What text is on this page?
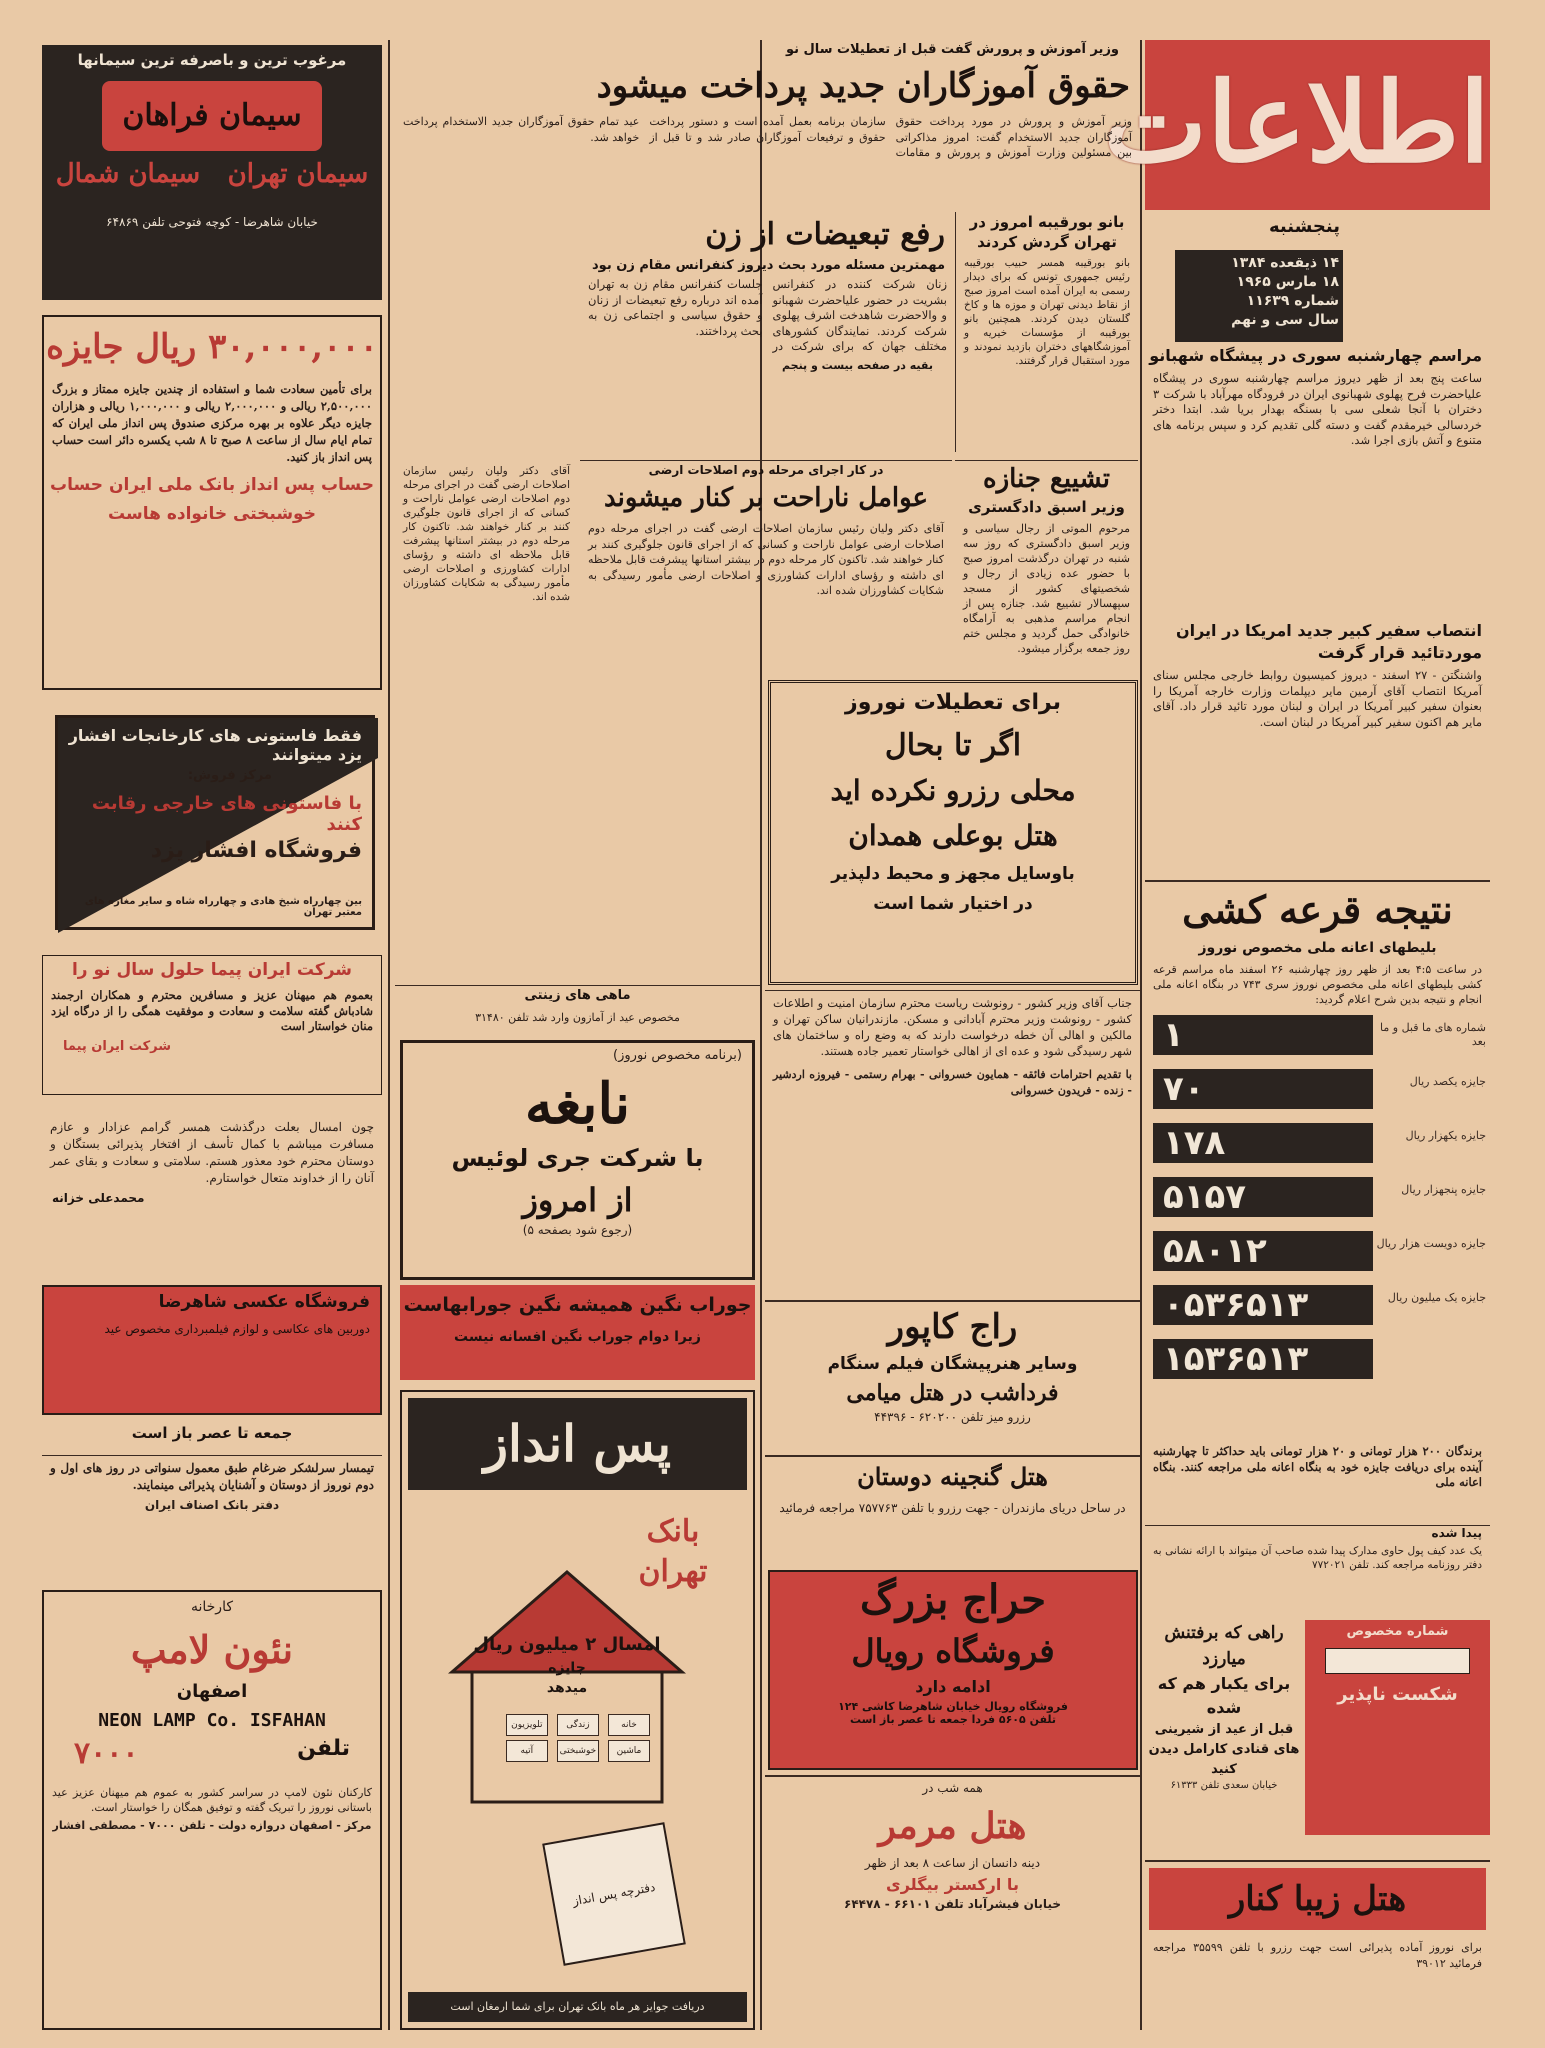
اطلاعات
پنجشنبه
۱۴ ذیقعده ۱۳۸۴
۱۸ مارس ۱۹۶۵
شماره ۱۱۶۳۹
سال سی و نهم
مراسم چهارشنبه سوری در پیشگاه شهبانو
ساعت پنج بعد از ظهر دیروز مراسم چهارشنبه سوری در پیشگاه علیاحضرت فرح پهلوی شهبانوی ایران در فرودگاه مهرآباد با شرکت ۳ دختران با آنجا شعلی سی با بسنگه بهدار بریا شد. ابتدا دختر خردسالی خیرمقدم گفت و دسته گلی تقدیم کرد و سپس برنامه های متنوع و آتش بازی اجرا شد.
انتصاب سفیر کبیر جدید امریکا در ایران موردتائید قرار گرفت
واشنگتن - ۲۷ اسفند - دیروز کمیسیون روابط خارجی مجلس سنای آمریکا انتصاب آقای آرمین مایر دیپلمات وزارت خارجه آمریکا را بعنوان سفیر کبیر آمریکا در ایران و لبنان مورد تائید قرار داد. آقای مایر هم اکنون سفیر کبیر آمریکا در لبنان است.
وزیر آموزش و پرورش گفت قبل از تعطیلات سال نو
حقوق آموزگاران جدید پرداخت میشود
وزیر آموزش و پرورش در مورد پرداخت حقوق آموزگاران جدید الاستخدام گفت: امروز مذاکراتی بین مسئولین وزارت آموزش و پرورش و مقامات سازمان برنامه بعمل آمده است و دستور پرداخت حقوق و ترفیعات آموزگاران صادر شد و تا قبل از عید تمام حقوق آموزگاران جدید الاستخدام پرداخت خواهد شد.
رفع تبعیضات از زن
مهمترین مسئله مورد بحث دیروز کنفرانس مقام زن بود
زنان شرکت کننده در کنفرانس بشریت در حضور علیاحضرت شهبانو و والاحضرت شاهدخت اشرف پهلوی شرکت کردند. نمایندگان کشورهای مختلف جهان که برای شرکت در جلسات کنفرانس مقام زن به تهران آمده اند درباره رفع تبعیضات از زنان و حقوق سیاسی و اجتماعی زن به بحث پرداختند.
بقیه در صفحه بیست و پنجم
بانو بورقیبه امروز در تهران گردش کردند
بانو بورقیبه همسر حبیب بورقیبه رئیس جمهوری تونس که برای دیدار رسمی به ایران آمده است امروز صبح از نقاط دیدنی تهران و موزه ها و کاخ گلستان دیدن کردند. همچنین بانو بورقیبه از مؤسسات خیریه و آموزشگاههای دختران بازدید نمودند و مورد استقبال قرار گرفتند.
تشییع جنازه
وزیر اسبق دادگستری
مرحوم الموتی از رجال سیاسی و وزیر اسبق دادگستری که روز سه شنبه در تهران درگذشت امروز صبح با حضور عده زیادی از رجال و شخصیتهای کشور از مسجد سپهسالار تشییع شد. جنازه پس از انجام مراسم مذهبی به آرامگاه خانوادگی حمل گردید و مجلس ختم روز جمعه برگزار میشود.
در کار اجرای مرحله دوم اصلاحات ارضی
عوامل ناراحت بر کنار میشوند
آقای دکتر ولیان رئیس سازمان اصلاحات ارضی گفت در اجرای مرحله دوم اصلاحات ارضی عوامل ناراحت و کسانی که از اجرای قانون جلوگیری کنند بر کنار خواهند شد. تاکنون کار مرحله دوم در بیشتر استانها پیشرفت قابل ملاحظه ای داشته و رؤسای ادارات کشاورزی و اصلاحات ارضی مأمور رسیدگی به شکایات کشاورزان شده اند.
برای تعطیلات نوروز
اگر تا بحال
محلی رزرو نکرده اید
هتل بوعلی همدان
باوسایل مجهز و محیط دلپذیر
در اختیار شما است	نتیجه قرعه کشی
بلیطهای اعانه ملی مخصوص نوروز
در ساعت ۴:۵ بعد از ظهر روز چهارشنبه ۲۶ اسفند ماه مراسم قرعه کشی بلیطهای اعانه ملی مخصوص نوروز سری ۷۴۳ در بنگاه اعانه ملی انجام و نتیجه بدین شرح اعلام گردید:
۱
۷۰
۱۷۸
۵۱۵۷
۵۸۰۱۲
۰۵۳۶۵۱۳
۱۵۳۶۵۱۳
شماره های ما قبل و ما بعد
جایزه یکصد ریال
جایزه یکهزار ریال
جایزه پنجهزار ریال
جایزه دویست هزار ریال
جایزه یک میلیون ریال
برندگان ۲۰۰ هزار تومانی و ۲۰ هزار تومانی باید حداکثر تا چهارشنبه آینده برای دریافت جایزه خود به بنگاه اعانه ملی مراجعه کنند. بنگاه اعانه ملی
پیدا شده
یک عدد کیف پول حاوی مدارک پیدا شده صاحب آن میتواند با ارائه نشانی به دفتر روزنامه مراجعه کند. تلفن ۷۷۲۰۲۱
شماره مخصوص
شکست ناپذیر
راهی که برفتنش میارزد
برای یکبار هم که شده
قبل از عید از شیرینی های قنادی کارامل دیدن کنید
خیابان سعدی تلفن ۶۱۳۳۳
هتل زیبا کنار
برای نوروز آماده پذیرائی است جهت رزرو با تلفن ۳۵۵۹۹ مراجعه فرمائید ۳۹۰۱۲
ماهی های زینتی
مخصوص عید از آمازون وارد شد تلفن ۳۱۴۸۰
جناب آقای وزیر کشور - رونوشت ریاست محترم سازمان امنیت و اطلاعات کشور - رونوشت وزیر محترم آبادانی و مسکن. مازندرانیان ساکن تهران و مالکین و اهالی آن خطه درخواست دارند که به وضع راه و ساختمان های شهر رسیدگی شود و عده ای از اهالی خواستار تعمیر جاده هستند.
با تقدیم احترامات فائقه - همایون خسروانی - بهرام رستمی - فیروزه اردشیر - زنده - فریدون خسروانی
آقای دکتر ولیان رئیس سازمان اصلاحات ارضی گفت در اجرای مرحله دوم اصلاحات ارضی عوامل ناراحت و کسانی که از اجرای قانون جلوگیری کنند بر کنار خواهند شد. تاکنون کار مرحله دوم در بیشتر استانها پیشرفت قابل ملاحظه ای داشته و رؤسای ادارات کشاورزی و اصلاحات ارضی مأمور رسیدگی به شکایات کشاورزان شده اند.
(برنامه مخصوص نوروز)
نابغه
با شرکت جری لوئیس
از امروز
(رجوع شود بصفحه ۵)
جوراب نگین همیشه نگین جورابهاست
زیرا دوام جوراب نگین افسانه نیست	راج کاپور
وسایر هنرپیشگان فیلم سنگام
فرداشب در هتل میامی
رزرو میز تلفن ۶۲۰۲۰۰ - ۴۴۳۹۶
هتل گنجینه دوستان
در ساحل دریای مازندران - جهت رزرو با تلفن ۷۵۷۷۶۳ مراجعه فرمائید
حراج بزرگ
فروشگاه رویال
ادامه دارد
فروشگاه رویال خیابان شاهرضا کاشی ۱۲۴
تلفن ۵۶۰۵ فردا جمعه تا عصر باز است
همه شب در
هتل مرمر
دینه دانسان از ساعت ۸ بعد از ظهر
با ارکستر بیگلری
خیابان فیشرآباد تلفن ۶۶۱۰۱ - ۶۴۴۷۸
پس انداز
بانک تهران
امسال ۲ میلیون ریال
جایزه
میدهد
خانه زندگی تلویزیون ماشین خوشبختی آتیه
دفترچه پس انداز
دریافت جوایز هر ماه بانک تهران برای شما ارمغان است
مرغوب ترین و باصرفه ترین سیمانها
سیمان فراهان
سیمان تهران
سیمان شمال
خیابان شاهرضا - کوچه فتوحی تلفن ۶۴۸۶۹
۳۰,۰۰۰,۰۰۰ ریال جایزه
برای تأمین سعادت شما و استفاده از چندین جایزه ممتاز و بزرگ ۲,۵۰۰,۰۰۰ ریالی و ۲,۰۰۰,۰۰۰ ریالی و ۱,۰۰۰,۰۰۰ ریالی و هزاران جایزه دیگر علاوه بر بهره مرکزی صندوق پس انداز ملی ایران که تمام ایام سال از ساعت ۸ صبح تا ۸ شب یکسره دائر است حساب پس انداز باز کنید.
حساب پس انداز بانک ملی ایران حساب
خوشبختی خانواده هاست
فقط فاستونی های کارخانجات افشار یزد میتوانند
مرکز فروش:
با فاستونی های خارجی رقابت کنند
فروشگاه افشار یزد
بین چهارراه شیخ هادی و چهارراه شاه و سایر مغازه های معتبر تهران
شرکت ایران پیما حلول سال نو را
بعموم هم میهنان عزیز و مسافرین محترم و همکاران ارجمند شادباش گفته سلامت و سعادت و موفقیت همگی را از درگاه ایزد منان خواستار است
شرکت ایران پیما
چون امسال بعلت درگذشت همسر گرامم عزادار و عازم مسافرت میباشم با کمال تأسف از افتخار پذیرائی بستگان و دوستان محترم خود معذور هستم. سلامتی و سعادت و بقای عمر آنان را از خداوند متعال خواستارم.
محمدعلی خزانه
فروشگاه عکسی شاهرضا
دوربین های عکاسی و لوازم فیلمبرداری مخصوص عید
جمعه تا عصر باز است
تیمسار سرلشکر ضرغام طبق معمول سنواتی در روز های اول و دوم نوروز از دوستان و آشنایان پذیرائی مینمایند.
دفتر بانک اصناف ایران
کارخانه
نئون لامپ
اصفهان
NEON LAMP Co. ISFAHAN
تلفن
۷۰۰۰
کارکنان نئون لامپ در سراسر کشور به عموم هم میهنان عزیز عید باستانی نوروز را تبریک گفته و توفیق همگان را خواستار است.
مرکز - اصفهان دروازه دولت - تلفن ۷۰۰۰ - مصطفی افشار
